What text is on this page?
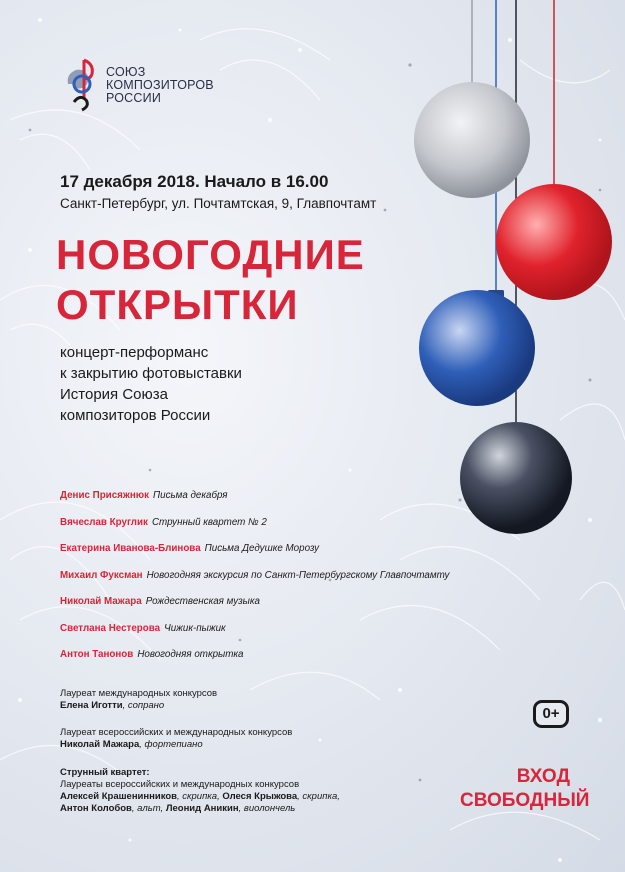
СОЮЗ
КОМПОЗИТОРОВ
РОССИИ
17 декабря 2018. Начало в 16.00
Санкт-Петербург, ул. Почтамтская, 9, Главпочтамт
НОВОГОДНИЕ
ОТКРЫТКИ
концерт-перформанс
к закрытию фотовыставки
История Союза
композиторов России
Денис Присяжнюк Письма декабря
Вячеслав Круглик Струнный квартет № 2
Екатерина Иванова-Блинова Письма Дедушке Морозу
Михаил Фуксман Новогодняя экскурсия по Санкт-Петербургскому Главпочтамту
Николай Мажара Рождественская музыка
Светлана Нестерова Чижик-пыжик
Антон Танонов Новогодняя открытка
Лауреат международных конкурсов
Елена Иготти, сопрано
Лауреат всероссийских и международных конкурсов
Николай Мажара, фортепиано
Струнный квартет:
Лауреаты всероссийских и международных конкурсов
Алексей Крашенинников, скрипка, Олеся Крыжова, скрипка,
Антон Колобов, альт, Леонид Аникин, виолончель
0+
ВХОД
СВОБОДНЫЙ
